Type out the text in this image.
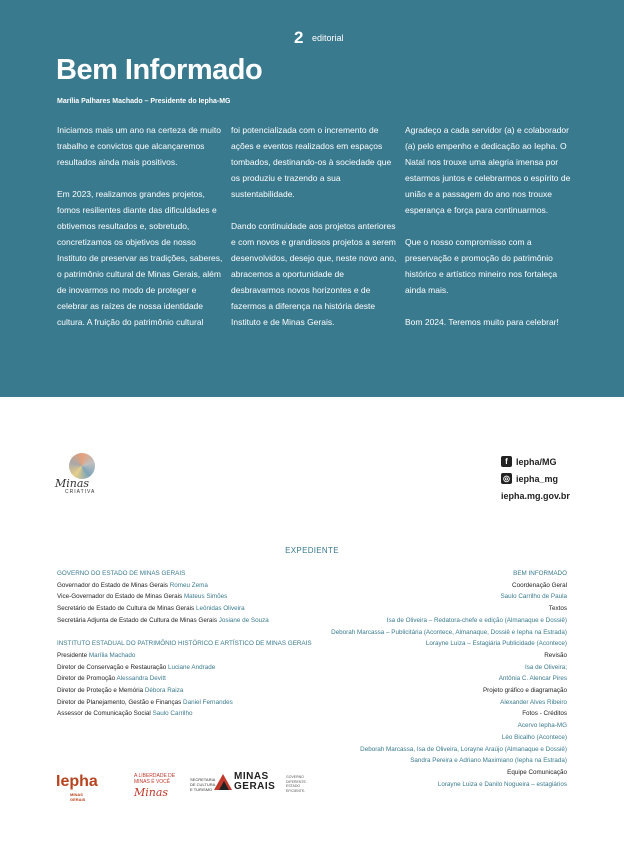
2 editorial
Bem Informado
Marília Palhares Machado – Presidente do Iepha-MG

Iniciamos mais um ano na certeza de muito trabalho e convictos que alcançaremos resultados ainda mais positivos.

Em 2023, realizamos grandes projetos, fomos resilientes diante das dificuldades e obtivemos resultados e, sobretudo, concretizamos os objetivos de nosso Instituto de preservar as tradições, saberes, o patrimônio cultural de Minas Gerais, além de inovarmos no modo de proteger e celebrar as raízes de nossa identidade cultura. A fruição do patrimônio cultural

foi potencializada com o incremento de ações e eventos realizados em espaços tombados, destinando-os à sociedade que os produziu e trazendo a sua sustentabilidade.

Dando continuidade aos projetos anteriores e com novos e grandiosos projetos a serem desenvolvidos, desejo que, neste novo ano, abracemos a oportunidade de desbravarmos novos horizontes e de fazermos a diferença na história deste Instituto e de Minas Gerais.

Agradeço a cada servidor (a) e colaborador (a) pelo empenho e dedicação ao Iepha. O Natal nos trouxe uma alegria imensa por estarmos juntos e celebrarmos o espírito de união e a passagem do ano nos trouxe esperança e força para continuarmos.

Que o nosso compromisso com a preservação e promoção do patrimônio histórico e artístico mineiro nos fortaleça ainda mais.

Bom 2024. Teremos muito para celebrar!

Minas
CRIATIVA
f Iepha/MG
◎ iepha_mg
iepha.mg.gov.br
EXPEDIENTE
GOVERNO DO ESTADO DE MINAS GERAIS
Governador do Estado de Minas Gerais Romeu Zema
Vice-Governador do Estado de Minas Gerais Mateus Simões
Secretário de Estado de Cultura de Minas Gerais Leônidas Oliveira
Secretária Adjunta de Estado de Cultura de Minas Gerais Josiane de Souza
INSTITUTO ESTADUAL DO PATRIMÔNIO HISTÓRICO E ARTÍSTICO DE MINAS GERAIS
Presidente Marília Machado
Diretor de Conservação e Restauração Luciane Andrade
Diretor de Promoção Alessandra Devitt
Diretor de Proteção e Memória Débora Raiza
Diretor de Planejamento, Gestão e Finanças Daniel Fernandes
Assessor de Comunicação Social Saulo Carrilho
BEM INFORMADO
Coordenação Geral
Saulo Carrilho de Paula
Textos
Isa de Oliveira – Redatora-chefe e edição (Almanaque e Dossiê)
Deborah Marcassa – Publicitária (Acontece, Almanaque, Dossiê e Iepha na Estrada)
Lorayne Luiza – Estagiária Publicidade (Acontece)
Revisão
Isa de Oliveira;
Antônia C. Alencar Pires
Projeto gráfico e diagramação
Alexander Alves Ribeiro
Fotos - Créditos
Acervo Iepha-MG
Léo Bicalho (Acontece)
Deborah Marcassa, Isa de Oliveira, Lorayne Araújo (Almanaque e Dossiê)
Sandra Pereira e Adriano Maximiano (Iepha na Estrada)
Equipe Comunicação
Lorayne Luiza e Danilo Nogueira – estagiários
Iepha
MINAS GERAIS
A LIBERDADE DE MINAS É VOCÊ
Minas
SECRETARIA DE CULTURA E TURISMO
MINAS
GERAIS
GOVERNO DIFERENTE. ESTADO EFICIENTE.
